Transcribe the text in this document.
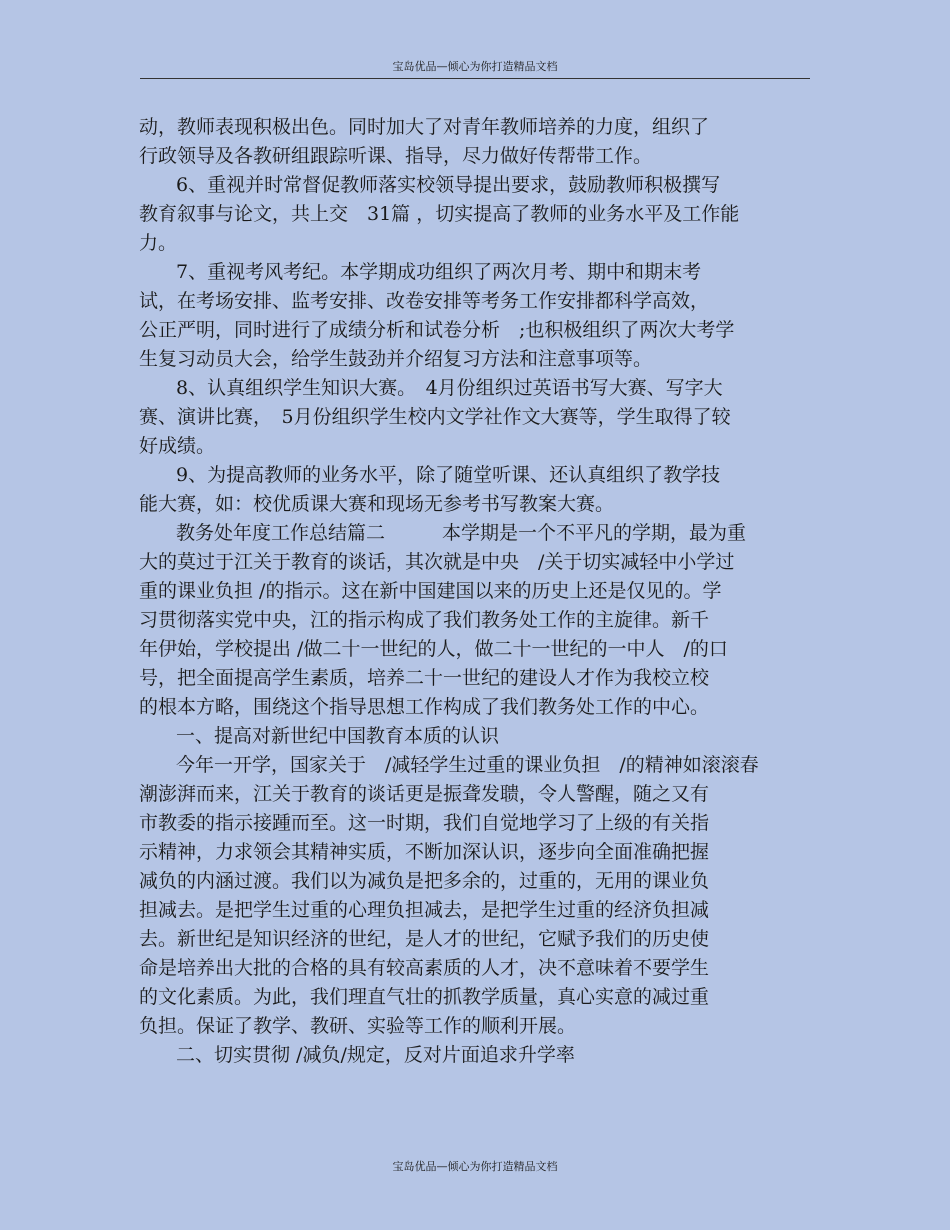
宝岛优品—倾心为你打造精品文档
动，教师表现积极出色。同时加大了对青年教师培养的力度，组织了
行政领导及各教研组跟踪听课、指导，尽力做好传帮带工作。
6、重视并时常督促教师落实校领导提出要求，鼓励教师积极撰写
教育叙事与论文，共上交　31篇 ，切实提高了教师的业务水平及工作能
力。
7、重视考风考纪。本学期成功组织了两次月考、期中和期末考
试，在考场安排、监考安排、改卷安排等考务工作安排都科学高效，
公正严明，同时进行了成绩分析和试卷分析　;也积极组织了两次大考学
生复习动员大会，给学生鼓劲并介绍复习方法和注意事项等。
8、认真组织学生知识大赛。　4月份组织过英语书写大赛、写字大
赛、演讲比赛，　5月份组织学生校内文学社作文大赛等，学生取得了较
好成绩。
9、为提高教师的业务水平，除了随堂听课、还认真组织了教学技
能大赛，如：校优质课大赛和现场无参考书写教案大赛。
教务处年度工作总结篇二　　　本学期是一个不平凡的学期，最为重
大的莫过于江关于教育的谈话，其次就是中央　/关于切实减轻中小学过
重的课业负担 /的指示。这在新中国建国以来的历史上还是仅见的。学
习贯彻落实党中央，江的指示构成了我们教务处工作的主旋律。新千
年伊始，学校提出 /做二十一世纪的人，做二十一世纪的一中人　/的口
号，把全面提高学生素质，培养二十一世纪的建设人才作为我校立校
的根本方略，围绕这个指导思想工作构成了我们教务处工作的中心。
一、提高对新世纪中国教育本质的认识
今年一开学，国家关于　/减轻学生过重的课业负担　/的精神如滚滚春
潮澎湃而来，江关于教育的谈话更是振聋发聩，令人警醒，随之又有
市教委的指示接踵而至。这一时期，我们自觉地学习了上级的有关指
示精神，力求领会其精神实质，不断加深认识，逐步向全面准确把握
减负的内涵过渡。我们以为减负是把多余的，过重的，无用的课业负
担减去。是把学生过重的心理负担减去，是把学生过重的经济负担减
去。新世纪是知识经济的世纪，是人才的世纪，它赋予我们的历史使
命是培养出大批的合格的具有较高素质的人才，决不意味着不要学生
的文化素质。为此，我们理直气壮的抓教学质量，真心实意的减过重
负担。保证了教学、教研、实验等工作的顺利开展。
二、切实贯彻 /减负/规定，反对片面追求升学率
宝岛优品—倾心为你打造精品文档
